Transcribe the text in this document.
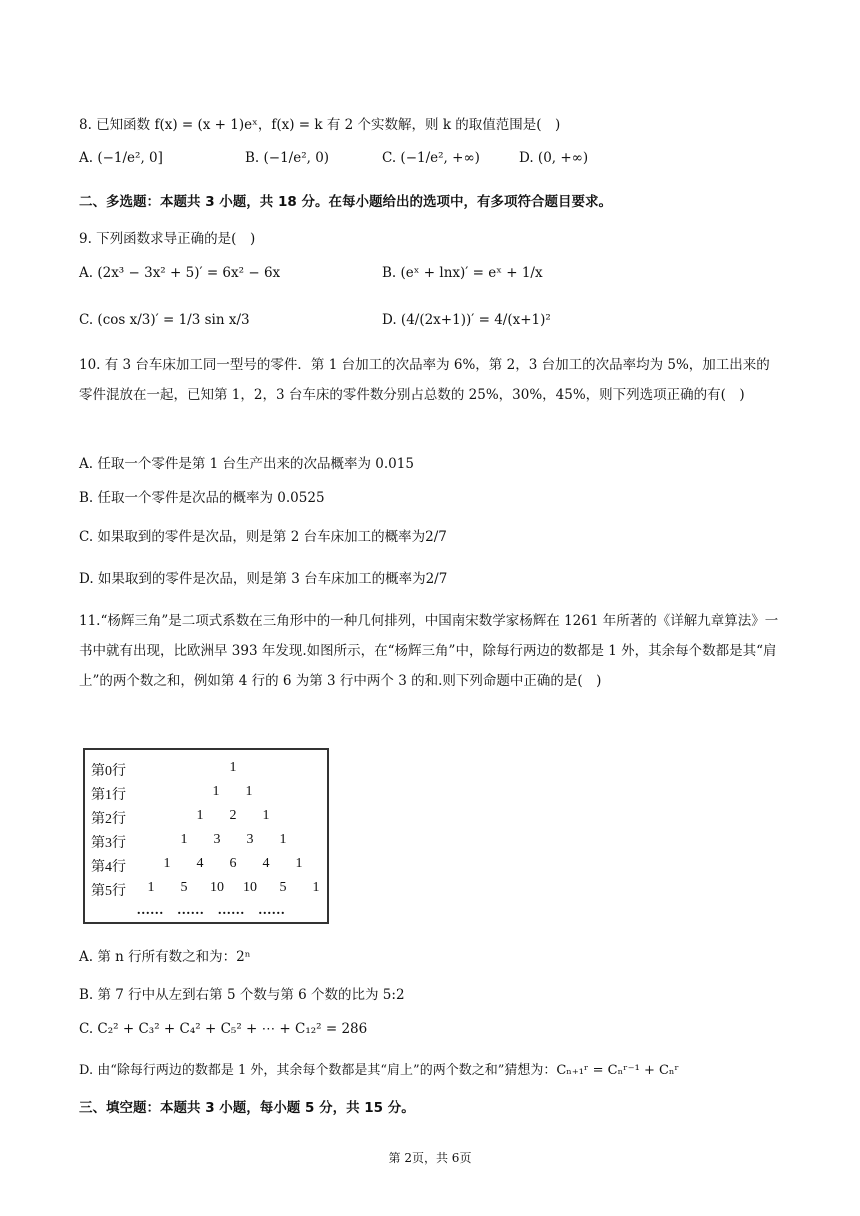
8. 已知函数 f(x) = (x + 1)eˣ，f(x) = k 有 2 个实数解，则 k 的取值范围是(　)
A. (−1/e², 0]	B. (−1/e², 0)	C. (−1/e², +∞)	D. (0, +∞)
二、多选题：本题共 3 小题，共 18 分。在每小题给出的选项中，有多项符合题目要求。
9. 下列函数求导正确的是(　)
A. (2x³ − 3x² + 5)′ = 6x² − 6x	B. (eˣ + lnx)′ = eˣ + 1/x
C. (cos x/3)′ = 1/3 sin x/3	D. (4/(2x+1))′ = 4/(x+1)²
10. 有 3 台车床加工同一型号的零件．第 1 台加工的次品率为 6%，第 2，3 台加工的次品率均为 5%，加工出来的零件混放在一起，已知第 1，2，3 台车床的零件数分别占总数的 25%，30%，45%，则下列选项正确的有(　)
A. 任取一个零件是第 1 台生产出来的次品概率为 0.015
B. 任取一个零件是次品的概率为 0.0525
C. 如果取到的零件是次品，则是第 2 台车床加工的概率为2/7
D. 如果取到的零件是次品，则是第 3 台车床加工的概率为2/7
11.“杨辉三角”是二项式系数在三角形中的一种几何排列，中国南宋数学家杨辉在 1261 年所著的《详解九章算法》一书中就有出现，比欧洲早 393 年发现.如图所示，在“杨辉三角”中，除每行两边的数都是 1 外，其余每个数都是其“肩上”的两个数之和，例如第 4 行的 6 为第 3 行中两个 3 的和.则下列命题中正确的是(　)
第0行	1
第1行	1	1
第2行	1	2	1
第3行	1	3	3	1
第4行	1	4	6	4	1
第5行	1	5	10	10	5	1
......   ......   ......   ......
A. 第 n 行所有数之和为：2ⁿ
B. 第 7 行中从左到右第 5 个数与第 6 个数的比为 5:2
C. C₂² + C₃² + C₄² + C₅² + ⋯ + C₁₂² = 286
D. 由“除每行两边的数都是 1 外，其余每个数都是其“肩上”的两个数之和”猜想为：Cₙ₊₁ʳ = Cₙʳ⁻¹ + Cₙʳ
三、填空题：本题共 3 小题，每小题 5 分，共 15 分。
第 2页，共 6页
